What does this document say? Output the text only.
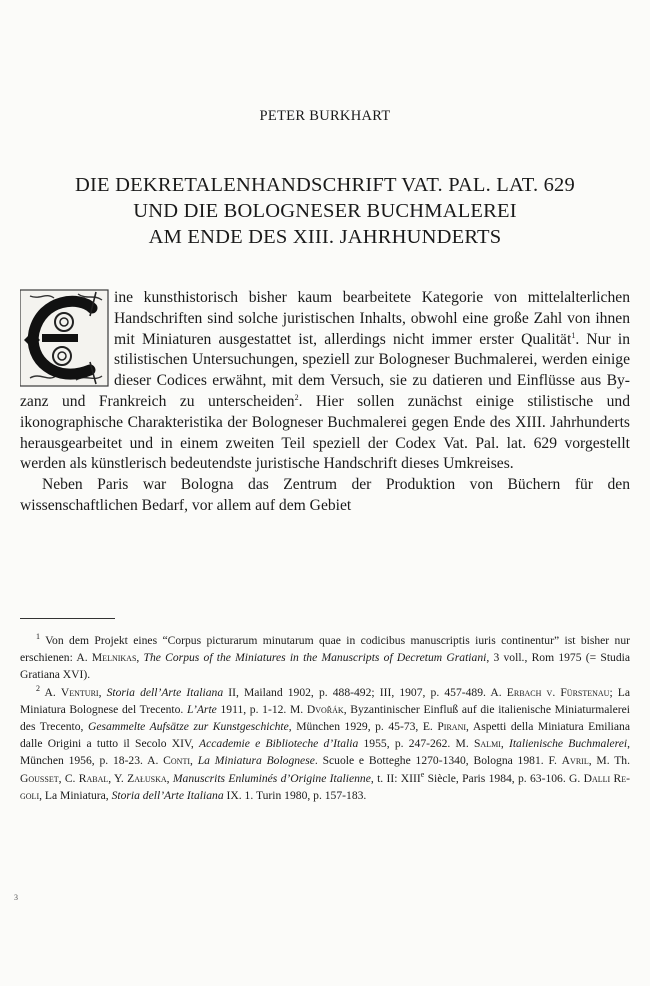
PETER BURKHART
DIE DEKRETALENHANDSCHRIFT VAT. PAL. LAT. 629
UND DIE BOLOGNESER BUCHMALEREI
AM ENDE DES XIII. JAHRHUNDERTS

ine kunsthistorisch bisher kaum bearbeitete Kategorie von mittelalterlichen Handschriften sind solche juristischen Inhalts, obwohl eine große Zahl von ihnen mit Miniaturen ausgestattet ist, allerdings nicht immer erster Qualität$^1$. Nur in stilistischen Untersuchungen, speziell zur Bologneser Buchmalerei, werden einige dieser Codices erwähnt, mit dem Versuch, sie zu datieren und Einflüsse aus Byzanz und Frankreich zu unterscheiden$^2$. Hier sollen zunächst einige stilistische und ikonographische Charakteristika der Bologneser Buchmalerei gegen Ende des XIII. Jahrhunderts herausgearbeitet und in einem zweiten Teil speziell der Codex Vat. Pal. lat. 629 vorgestellt werden als künstlerisch bedeutendste juristische Handschrift dieses Umkreises.

Neben Paris war Bologna das Zentrum der Produktion von Büchern für den wissenschaftlichen Bedarf, vor allem auf dem Gebiet

$^1$ Von dem Projekt eines “Corpus picturarum minutarum quae in codicibus manuscriptis iuris continentur” ist bisher nur erschienen: A. Melnikas, The Corpus of the Miniatures in the Manuscripts of Decretum Gratiani, 3 voll., Rom 1975 (= Studia Gratiana XVI).

$^2$ A. Venturi, Storia dell’Arte Italiana II, Mailand 1902, p. 488-492; III, 1907, p. 457-489. A. Erbach v. Fürstenau; La Miniatura Bolognese del Trecento. L’Arte 1911, p. 1-12. M. Dvořák, Byzantinischer Einfluß auf die italienische Miniaturmalerei des Trecento, Gesammelte Aufsätze zur Kunstgeschichte, München 1929, p. 45-73, E. Pirani, Aspetti della Miniatura Emiliana dalle Origini a tutto il Secolo XIV, Accademie e Biblioteche d’Italia 1955, p. 247-262. M. Salmi, Italienische Buchmalerei, München 1956, p. 18-23. A. Conti, La Miniatura Bolognese. Scuole e Botteghe 1270-1340, Bologna 1981. F. Avril, M. Th. Gousset, C. Rabal, Y. Załuska, Manuscrits Enluminés d’Origine Italienne, t. II: XIIIe Siècle, Paris 1984, p. 63-106. G. Dalli Regoli, La Miniatura, Storia dell’Arte Italiana IX. 1. Turin 1980, p. 157-183.

3
